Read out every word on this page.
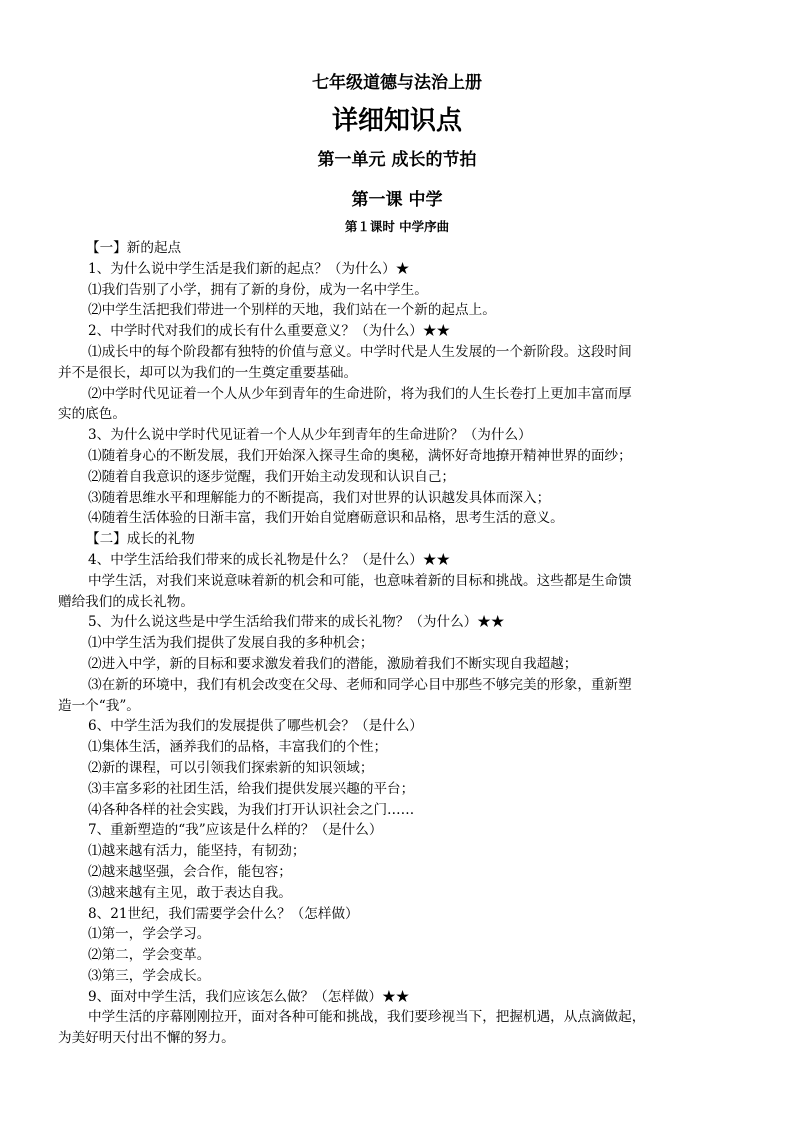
七年级道德与法治上册
详细知识点
第一单元 成长的节拍
第一课 中学
第１课时 中学序曲

【一】新的起点

1、为什么说中学生活是我们新的起点？（为什么）★

⑴我们告别了小学，拥有了新的身份，成为一名中学生。

⑵中学生活把我们带进一个别样的天地，我们站在一个新的起点上。

2、中学时代对我们的成长有什么重要意义？（为什么）★★

⑴成长中的每个阶段都有独特的价值与意义。中学时代是人生发展的一个新阶段。这段时间

并不是很长，却可以为我们的一生奠定重要基础。

⑵中学时代见证着一个人从少年到青年的生命进阶，将为我们的人生长卷打上更加丰富而厚

实的底色。

3、为什么说中学时代见证着一个人从少年到青年的生命进阶？（为什么）

⑴随着身心的不断发展，我们开始深入探寻生命的奥秘，满怀好奇地撩开精神世界的面纱；

⑵随着自我意识的逐步觉醒，我们开始主动发现和认识自己；

⑶随着思维水平和理解能力的不断提高，我们对世界的认识越发具体而深入；

⑷随着生活体验的日渐丰富，我们开始自觉磨砺意识和品格，思考生活的意义。

【二】成长的礼物

4、中学生活给我们带来的成长礼物是什么？（是什么）★★

中学生活，对我们来说意味着新的机会和可能，也意味着新的目标和挑战。这些都是生命馈

赠给我们的成长礼物。

5、为什么说这些是中学生活给我们带来的成长礼物？（为什么）★★

⑴中学生活为我们提供了发展自我的多种机会；

⑵进入中学，新的目标和要求激发着我们的潜能，激励着我们不断实现自我超越；

⑶在新的环境中，我们有机会改变在父母、老师和同学心目中那些不够完美的形象，重新塑

造一个“我”。

6、中学生活为我们的发展提供了哪些机会？（是什么）

⑴集体生活，涵养我们的品格，丰富我们的个性；

⑵新的课程，可以引领我们探索新的知识领域；

⑶丰富多彩的社团生活，给我们提供发展兴趣的平台；

⑷各种各样的社会实践，为我们打开认识社会之门……

7、重新塑造的“我”应该是什么样的？（是什么）

⑴越来越有活力，能坚持，有韧劲；

⑵越来越坚强，会合作，能包容；

⑶越来越有主见，敢于表达自我。

8、21世纪，我们需要学会什么？（怎样做）

⑴第一，学会学习。

⑵第二，学会变革。

⑶第三，学会成长。

9、面对中学生活，我们应该怎么做？（怎样做）★★

中学生活的序幕刚刚拉开，面对各种可能和挑战，我们要珍视当下，把握机遇，从点滴做起，

为美好明天付出不懈的努力。
